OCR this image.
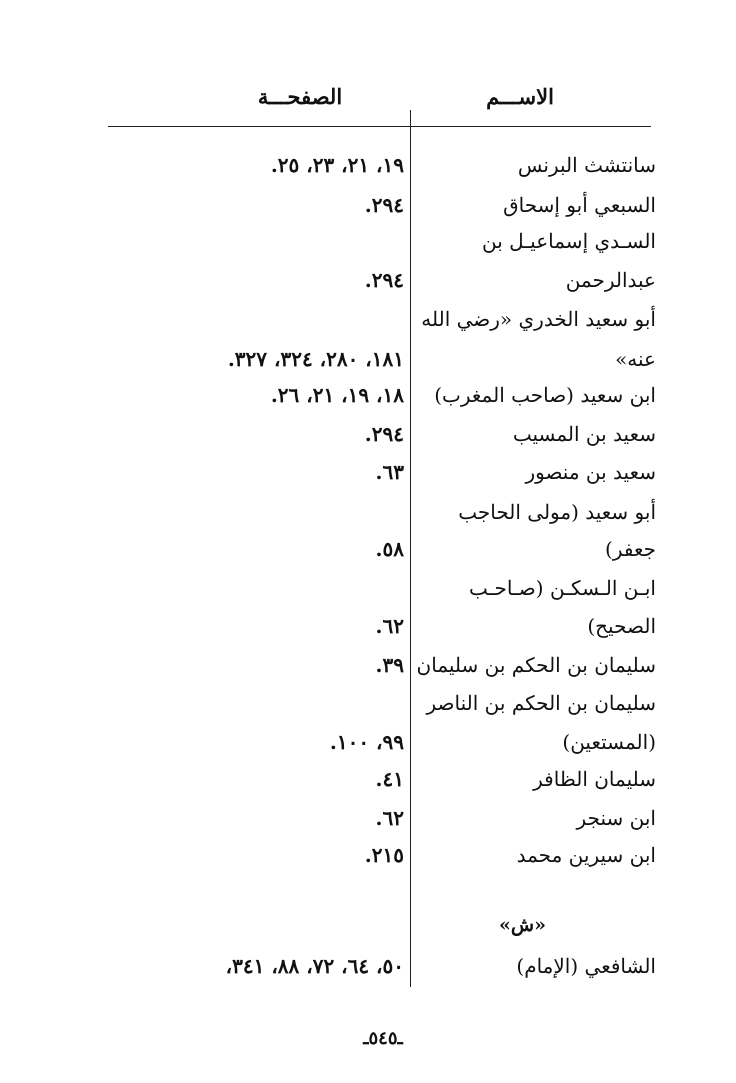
الاســـم
الصفحـــة
سانتشث البرنس
١٩، ٢١، ٢٣، ٢٥.
السبعي أبو إسحاق
٢٩٤.
السـدي إسماعيـل بن
عبدالرحمن
٢٩٤.
أبو سعيد الخدري «رضي الله
عنه»
١٨١، ٢٨٠، ٣٢٤، ٣٢٧.
ابن سعيد (صاحب المغرب)
١٨، ١٩، ٢١، ٢٦.
سعيد بن المسيب
٢٩٤.
سعيد بن منصور
٦٣.
أبو سعيد (مولى الحاجب
جعفر)
٥٨.
ابـن الـسكـن (صـاحـب
الصحيح)
٦٢.
سليمان بن الحكم بن سليمان
٣٩.
سليمان بن الحكم بن الناصر
(المستعين)
٩٩، ١٠٠.
سليمان الظافر
٤١.
ابن سنجر
٦٢.
ابن سيرين محمد
٢١٥.
«ش»
الشافعي (الإمام)
٥٠، ٦٤، ٧٢، ٨٨، ٣٤١،
ـ٥٤٥ـ
